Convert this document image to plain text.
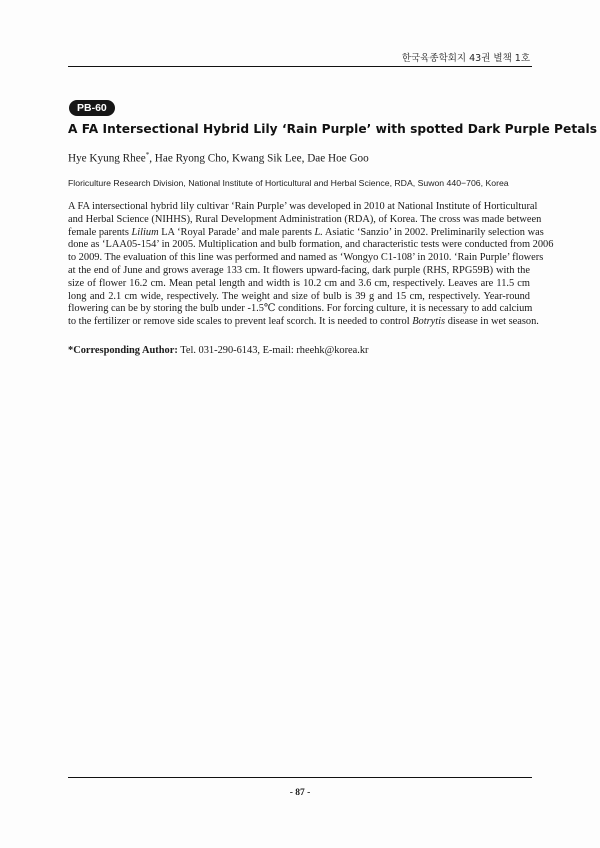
한국육종학회지 43권 별책 1호
PB-60
A FA Intersectional Hybrid Lily ‘Rain Purple’ with spotted Dark Purple Petals
Hye Kyung Rhee*, Hae Ryong Cho, Kwang Sik Lee, Dae Hoe Goo
Floriculture Research Division, National Institute of Horticultural and Herbal Science, RDA, Suwon 440−706, Korea
A FA intersectional hybrid lily cultivar ‘Rain Purple’ was developed in 2010 at National Institute of Horticultural
and Herbal Science (NIHHS), Rural Development Administration (RDA), of Korea. The cross was made between
female parents Lilium LA ‘Royal Parade’ and male parents L. Asiatic ‘Sanzio’ in 2002. Preliminarily selection was
done as ‘LAA05-154’ in 2005. Multiplication and bulb formation, and characteristic tests were conducted from 2006
to 2009. The evaluation of this line was performed and named as ‘Wongyo C1-108’ in 2010. ‘Rain Purple’ flowers
at the end of June and grows average 133 cm. It flowers upward-facing, dark purple (RHS, RPG59B) with the
size of flower 16.2 cm. Mean petal length and width is 10.2 cm and 3.6 cm, respectively. Leaves are 11.5 cm
long and 2.1 cm wide, respectively. The weight and size of bulb is 39 g and 15 cm, respectively. Year-round
flowering can be by storing the bulb under -1.5℃ conditions. For forcing culture, it is necessary to add calcium
to the fertilizer or remove side scales to prevent leaf scorch. It is needed to control Botrytis disease in wet season.
*Corresponding Author: Tel. 031-290-6143, E-mail: rheehk@korea.kr
- 87 -
